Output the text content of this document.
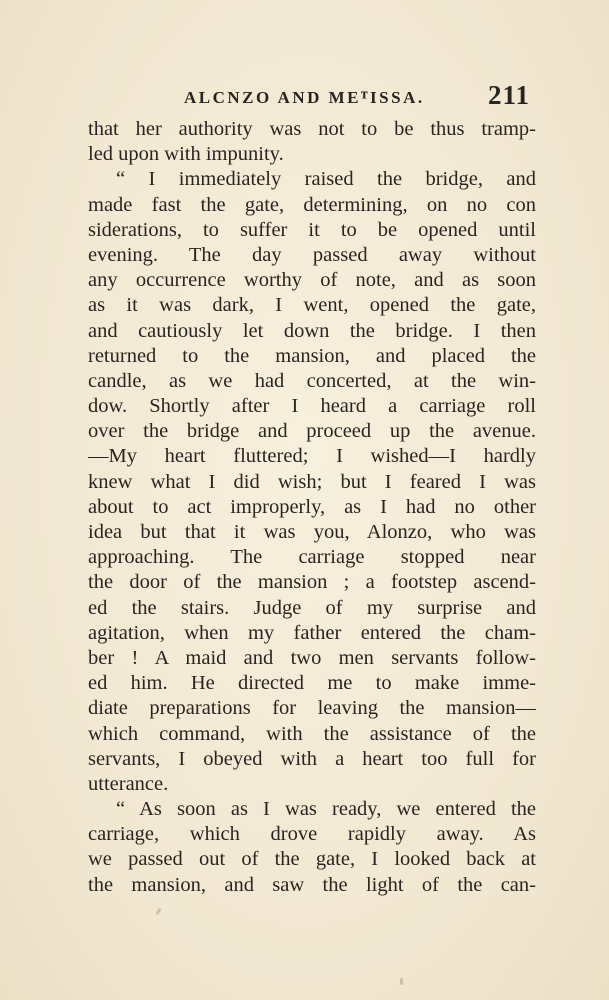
ALCNZO AND MEᵀISSA. 211
that her authority was not to be thus tramp-
led upon with impunity.
“ I immediately raised the bridge, and
made fast the gate, determining, on no con
siderations, to suffer it to be opened until
evening. The day passed away without
any occurrence worthy of note, and as soon
as it was dark, I went, opened the gate,
and cautiously let down the bridge. I then
returned to the mansion, and placed the
candle, as we had concerted, at the win-
dow. Shortly after I heard a carriage roll
over the bridge and proceed up the avenue.
—My heart fluttered; I wished—I hardly
knew what I did wish; but I feared I was
about to act improperly, as I had no other
idea but that it was you, Alonzo, who was
approaching. The carriage stopped near
the door of the mansion ; a footstep ascend-
ed the stairs. Judge of my surprise and
agitation, when my father entered the cham-
ber ! A maid and two men servants follow-
ed him. He directed me to make imme-
diate preparations for leaving the mansion—
which command, with the assistance of the
servants, I obeyed with a heart too full for
utterance.
“ As soon as I was ready, we entered the
carriage, which drove rapidly away. As
we passed out of the gate, I looked back at
the mansion, and saw the light of the can-
